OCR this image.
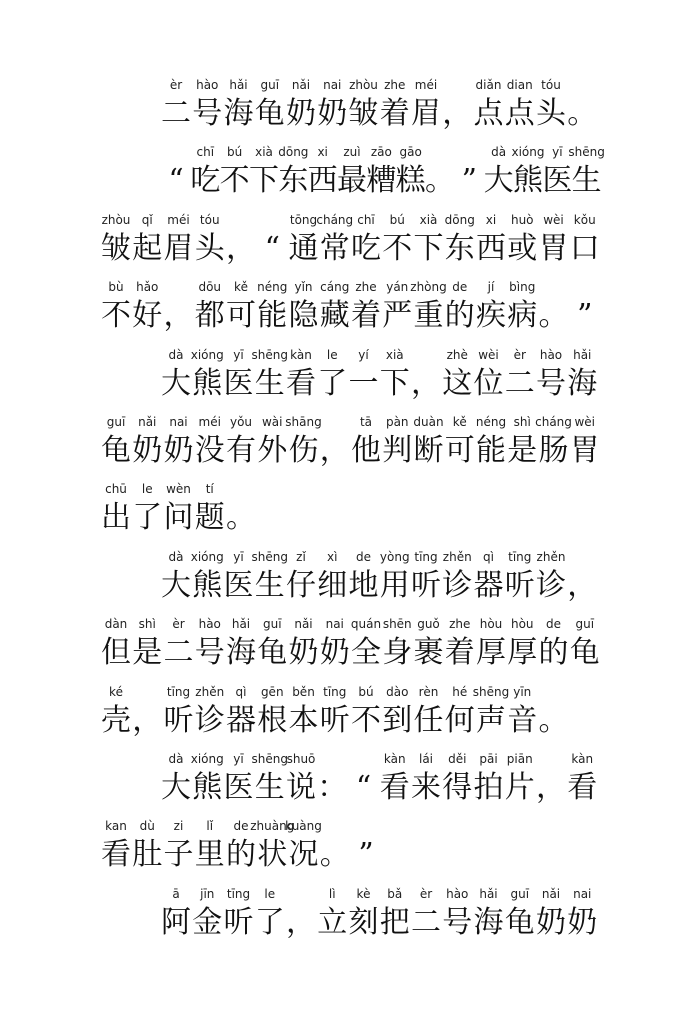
èr
二
hào
号
hǎi
海
guī
龟
nǎi
奶
nai
奶
zhòu
皱
zhe
着
méi
眉 ，
diǎn
点
dian
点
tóu
头 。
“
chī
吃
bú
不
xià
下
dōng
东
xi
西
zuì
最
zāo
糟
gāo
糕 。 ”
dà
大
xióng
熊
yī
医
shēng
生
zhòu
皱
qǐ
起
méi
眉
tóu
头 ， “
tōng
通
cháng
常
chī
吃
bú
不
xià
下
dōng
东
xi
西
huò
或
wèi
胃
kǒu
口
bù
不
hǎo
好 ，
dōu
都
kě
可
néng
能
yǐn
隐
cáng
藏
zhe
着
yán
严
zhòng
重
de
的
jí
疾
bìng
病 。 ”
dà
大
xióng
熊
yī
医
shēng
生
kàn
看
le
了
yí
一
xià
下 ，
zhè
这
wèi
位
èr
二
hào
号
hǎi
海
guī
龟
nǎi
奶
nai
奶
méi
没
yǒu
有
wài
外
shāng
伤 ，
tā
他
pàn
判
duàn
断
kě
可
néng
能
shì
是
cháng
肠
wèi
胃
chū
出
le
了
wèn
问
tí
题 。
dà
大
xióng
熊
yī
医
shēng
生
zǐ
仔
xì
细
de
地
yòng
用
tīng
听
zhěn
诊
qì
器
tīng
听
zhěn
诊 ，
dàn
但
shì
是
èr
二
hào
号
hǎi
海
guī
龟
nǎi
奶
nai
奶
quán
全
shēn
身
guǒ
裹
zhe
着
hòu
厚
hòu
厚
de
的
guī
龟
ké
壳 ，
tīng
听
zhěn
诊
qì
器
gēn
根
běn
本
tīng
听
bú
不
dào
到
rèn
任
hé
何
shēng
声
yīn
音 。
dà
大
xióng
熊
yī
医
shēng
生
shuō
说 ： “
kàn
看
lái
来
děi
得
pāi
拍
piān
片 ，
kàn
看
kan
看
dù
肚
zi
子
lǐ
里
de
的
zhuàng
状
kuàng
况 。 ”
ā
阿
jīn
金
tīng
听
le
了 ，
lì
立
kè
刻
bǎ
把
èr
二
hào
号
hǎi
海
guī
龟
nǎi
奶
nai
奶
